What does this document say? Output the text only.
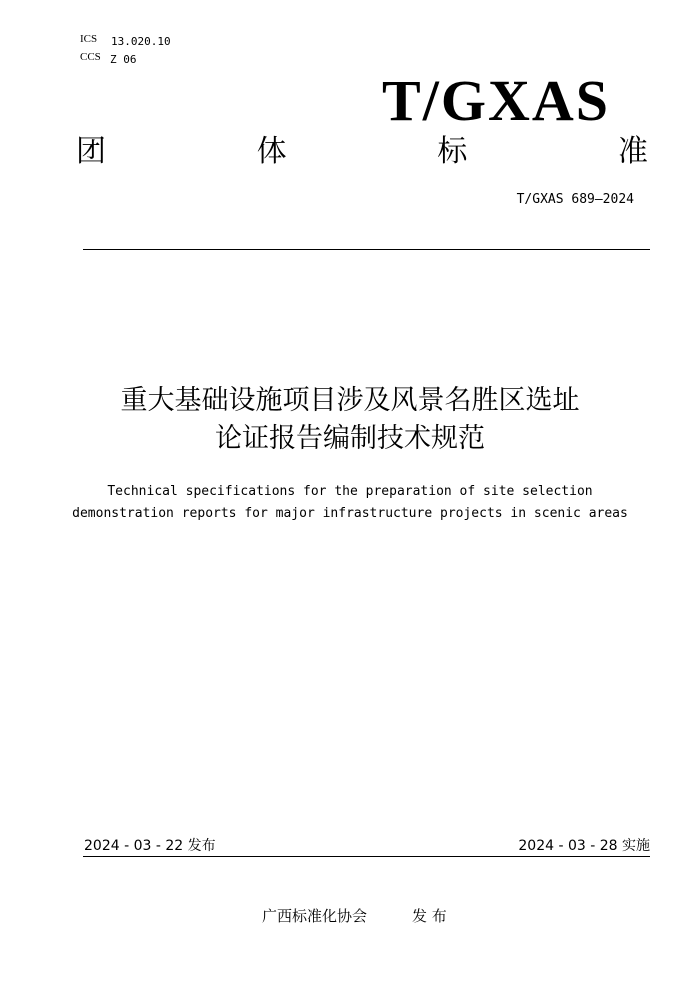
ICS 13.020.10
CCS Z 06
T/GXAS
团	体	标	准
T/GXAS 689—2024
重大基础设施项目涉及风景名胜区选址
论证报告编制技术规范
Technical specifications for the preparation of site selection
demonstration reports for major infrastructure projects in scenic areas
2024 - 03 - 22 发布	2024 - 03 - 28 实施
广西标准化协会	发 布
